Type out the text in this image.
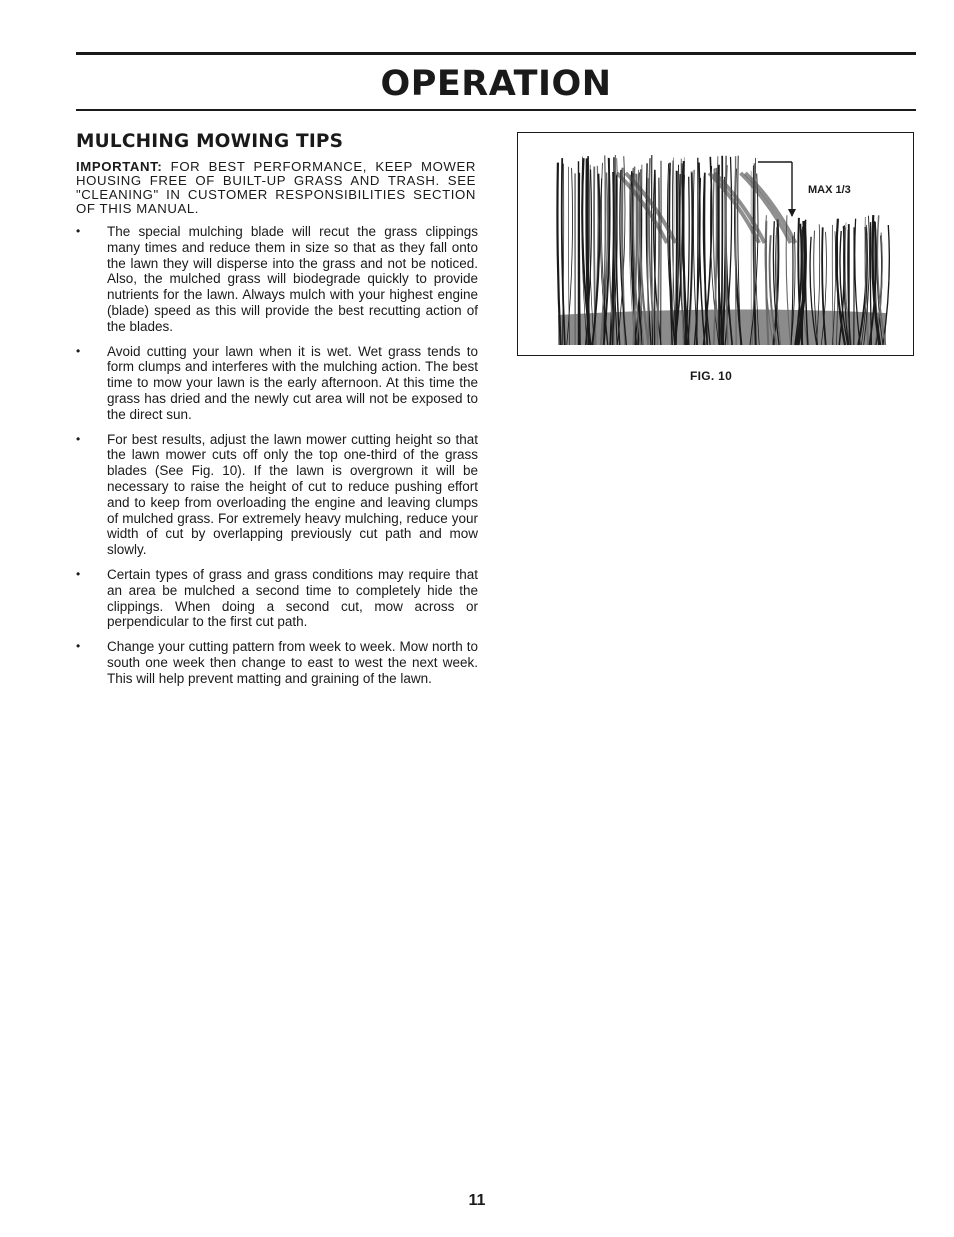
OPERATION
MULCHING MOWING TIPS

IMPORTANT: FOR BEST PERFORMANCE, KEEP MOWER HOUSING FREE OF BUILT-UP GRASS AND TRASH. SEE "CLEANING" IN CUSTOMER RESPONSIBILITIES SECTION OF THIS MANUAL.

•	The special mulching blade will recut the grass clippings many times and reduce them in size so that as they fall onto the lawn they will disperse into the grass and not be noticed. Also, the mulched grass will biodegrade quickly to provide nutrients for the lawn. Always mulch with your highest engine (blade) speed as this will provide the best recutting action of the blades.
•	Avoid cutting your lawn when it is wet. Wet grass tends to form clumps and interferes with the mulching action. The best time to mow your lawn is the early afternoon. At this time the grass has dried and the newly cut area will not be exposed to the direct sun.
•	For best results, adjust the lawn mower cutting height so that the lawn mower cuts off only the top one-third of the grass blades (See Fig. 10). If the lawn is overgrown it will be necessary to raise the height of cut to reduce pushing effort and to keep from overloading the engine and leaving clumps of mulched grass. For extremely heavy mulching, reduce your width of cut by overlapping previously cut path and mow slowly.
•	Certain types of grass and grass conditions may require that an area be mulched a second time to completely hide the clippings. When doing a second cut, mow across or perpendicular to the first cut path.
•	Change your cutting pattern from week to week. Mow north to south one week then change to east to west the next week. This will help prevent matting and graining of the lawn.
MAX 1/3

FIG. 10

11
